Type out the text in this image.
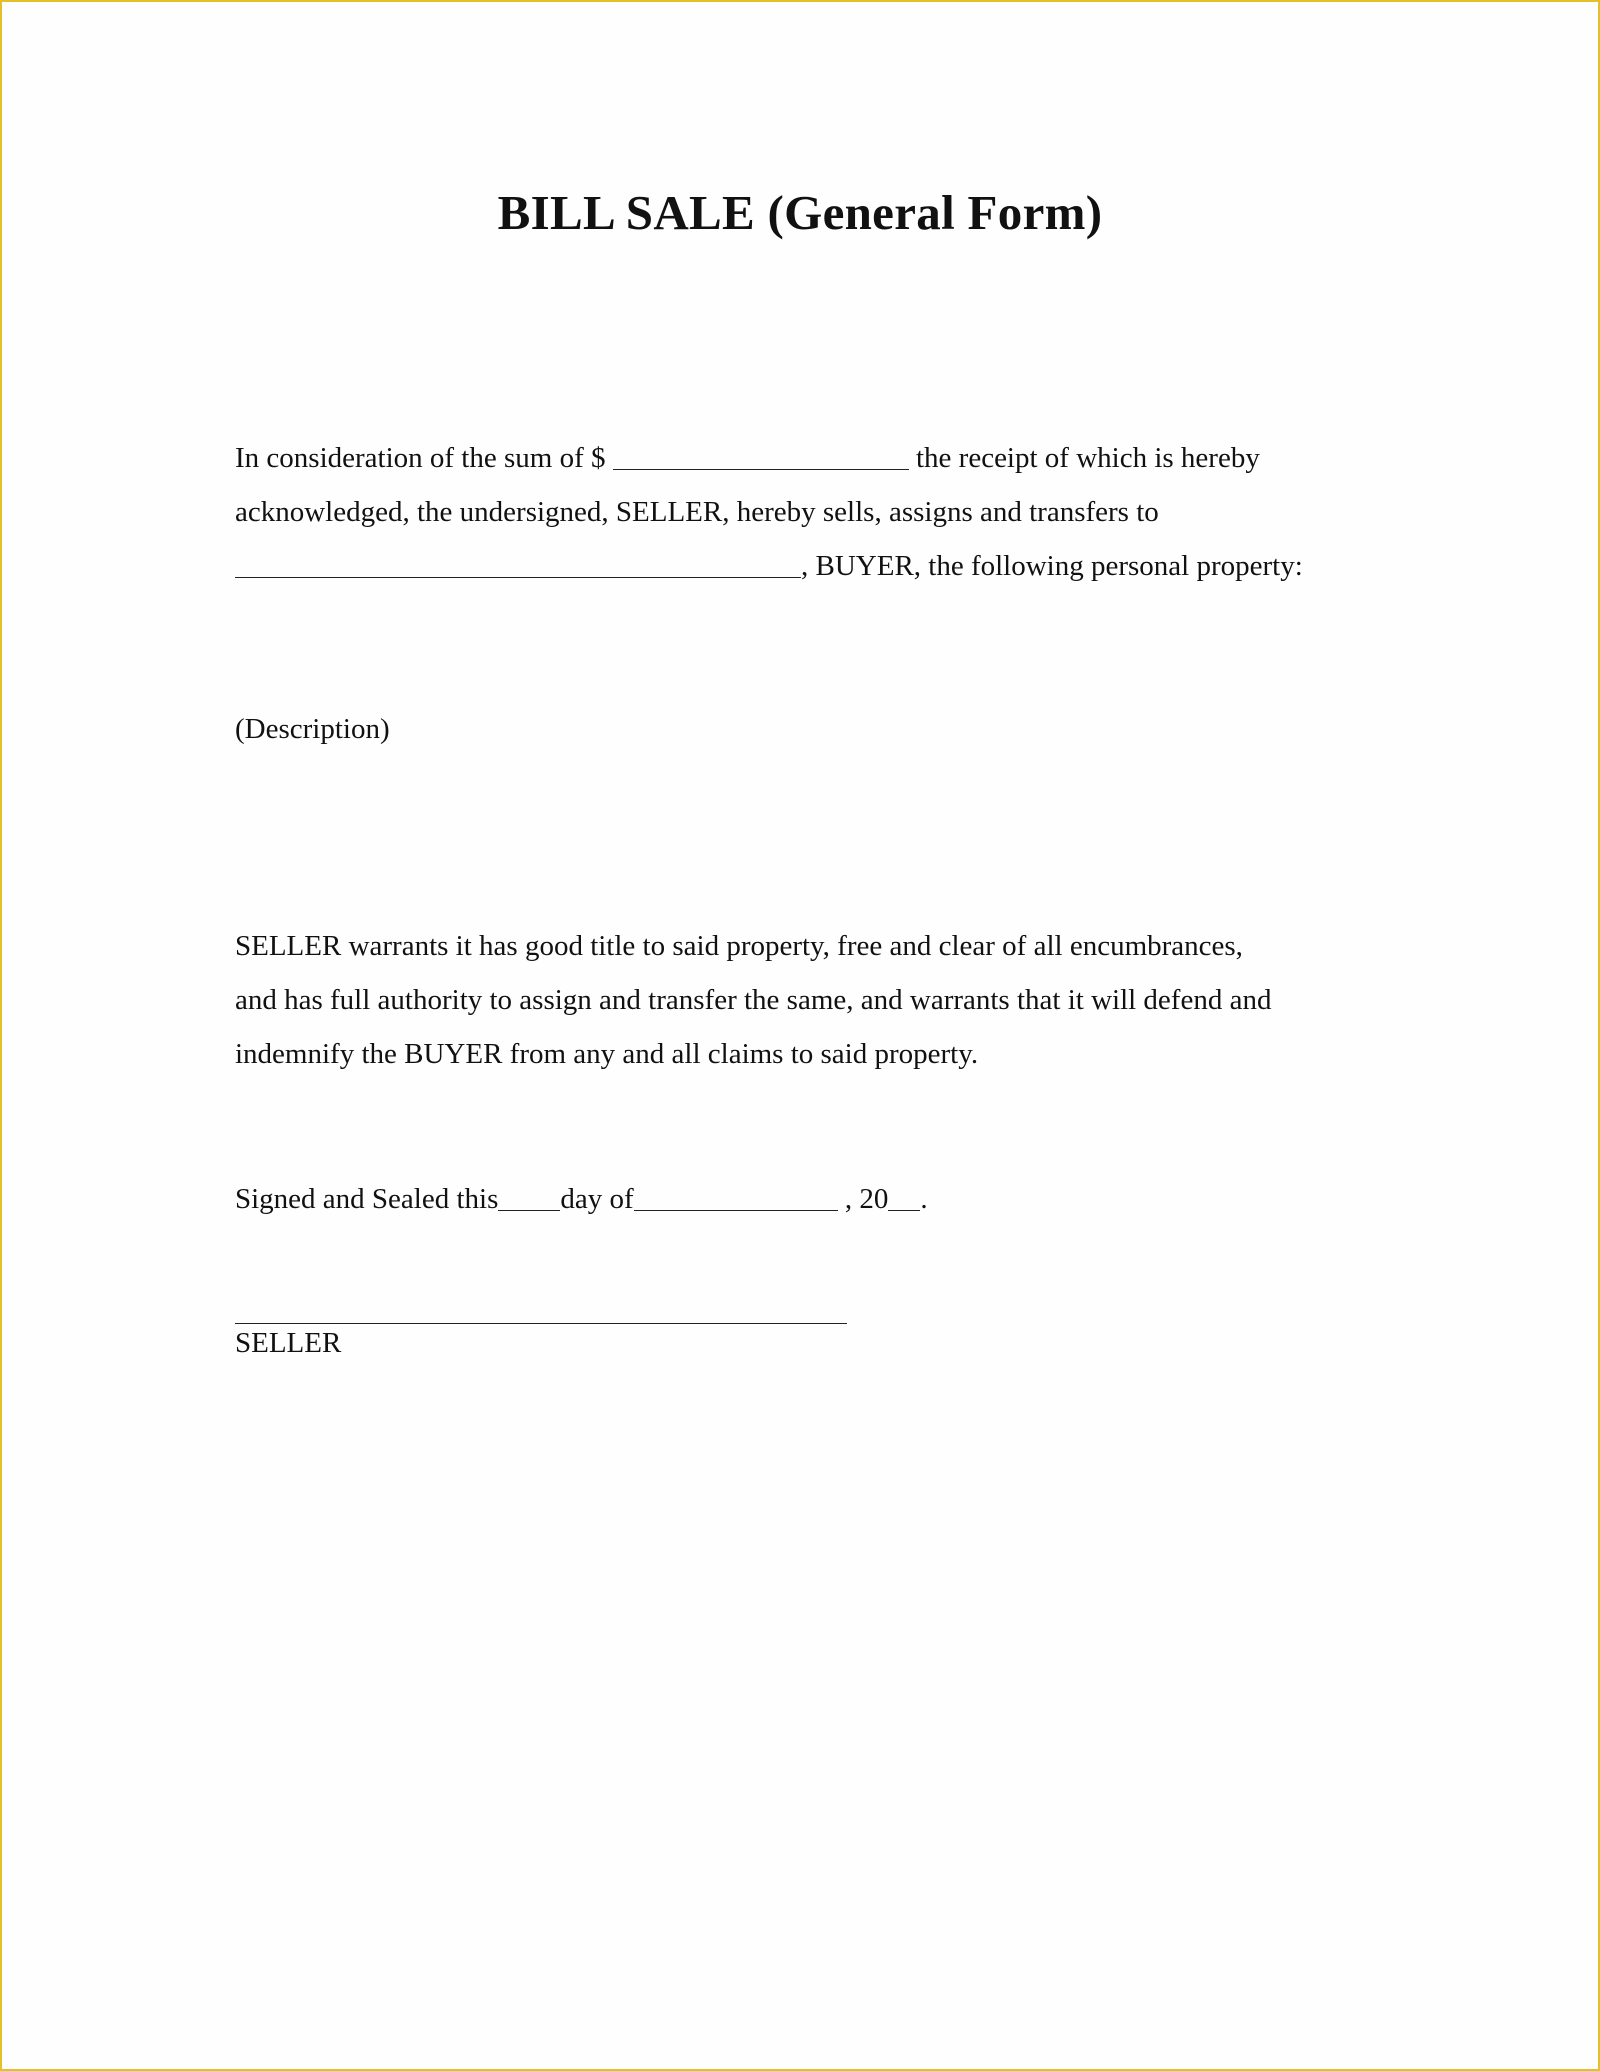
BILL SALE (General Form)
In consideration of the sum of $	the receipt of which is hereby
acknowledged, the undersigned, SELLER, hereby sells, assigns and transfers to
, BUYER, the following personal property:
(Description)
SELLER warrants it has good title to said property, free and clear of all encumbrances,
and has full authority to assign and transfer the same, and warrants that it will defend and
indemnify the BUYER from any and all claims to said property.
Signed and Sealed this day of	, 20 .
SELLER
